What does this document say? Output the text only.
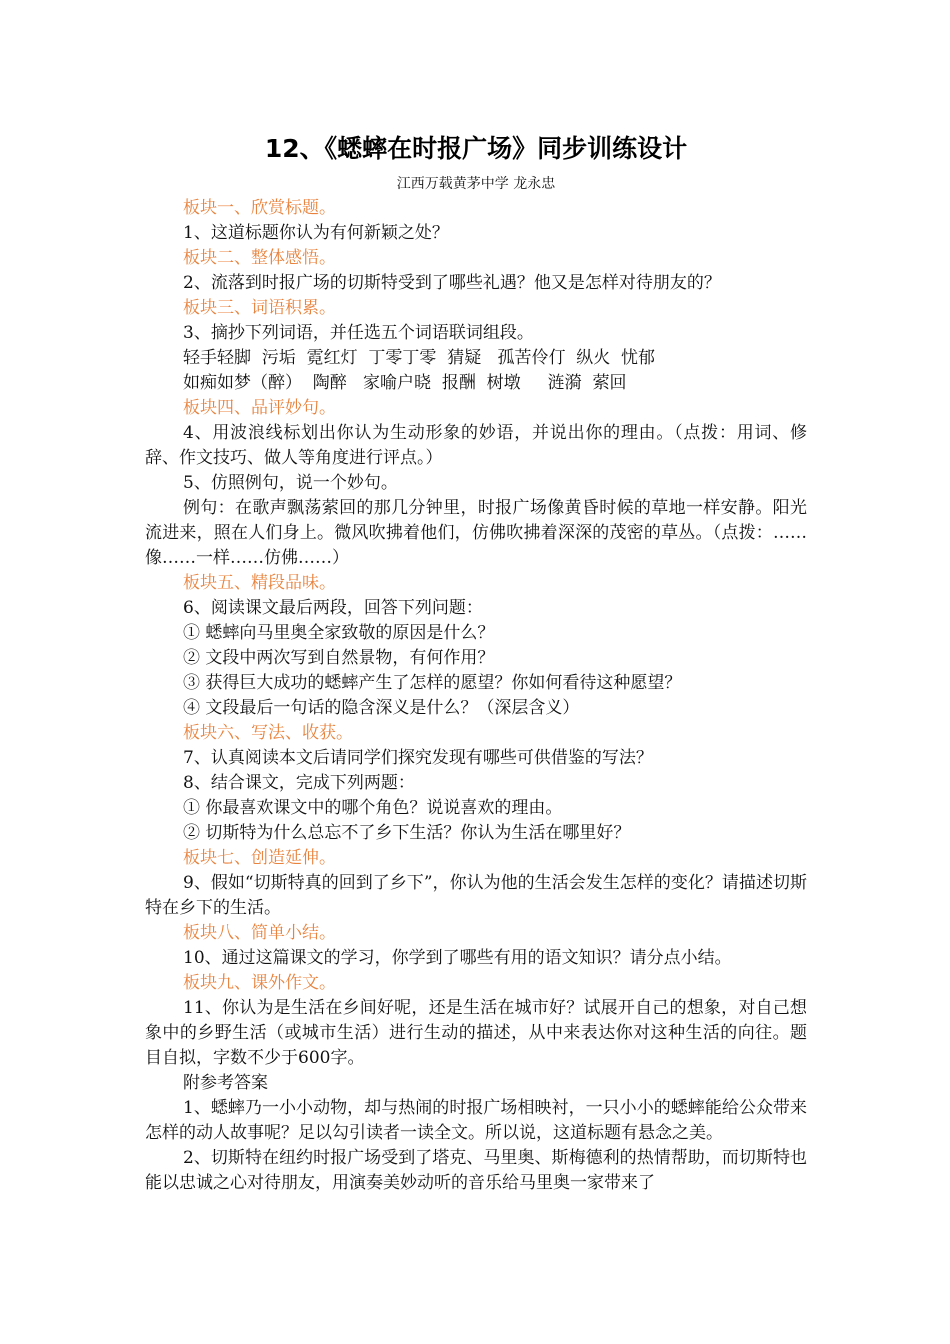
12、《蟋蟀在时报广场》同步训练设计
江西万载黄茅中学 龙永忠

板块一、欣赏标题。

1、这道标题你认为有何新颖之处？

板块二、整体感悟。

2、流落到时报广场的切斯特受到了哪些礼遇？他又是怎样对待朋友的？

板块三、词语积累。

3、摘抄下列词语，并任选五个词语联词组段。

轻手轻脚  污垢  霓红灯  丁零丁零  猜疑   孤苦伶仃  纵火  忧郁

如痴如梦（醉）  陶醉   家喻户晓  报酬  树墩     涟漪  萦回

板块四、品评妙句。

4、用波浪线标划出你认为生动形象的妙语，并说出你的理由。（点拨：用词、修辞、作文技巧、做人等角度进行评点。）

5、仿照例句，说一个妙句。

例句：在歌声飘荡萦回的那几分钟里，时报广场像黄昏时候的草地一样安静。阳光流进来，照在人们身上。微风吹拂着他们，仿佛吹拂着深深的茂密的草丛。（点拨：……像……一样……仿佛……）

板块五、精段品味。

6、阅读课文最后两段，回答下列问题：

① 蟋蟀向马里奥全家致敬的原因是什么？

② 文段中两次写到自然景物，有何作用？

③ 获得巨大成功的蟋蟀产生了怎样的愿望？你如何看待这种愿望？

④ 文段最后一句话的隐含深义是什么？（深层含义）

板块六、写法、收获。

7、认真阅读本文后请同学们探究发现有哪些可供借鉴的写法？

8、结合课文，完成下列两题：

① 你最喜欢课文中的哪个角色？说说喜欢的理由。

② 切斯特为什么总忘不了乡下生活？你认为生活在哪里好？

板块七、创造延伸。

9、假如“切斯特真的回到了乡下”，你认为他的生活会发生怎样的变化？请描述切斯特在乡下的生活。

板块八、简单小结。

10、通过这篇课文的学习，你学到了哪些有用的语文知识？请分点小结。

板块九、课外作文。

11、你认为是生活在乡间好呢，还是生活在城市好？试展开自己的想象，对自己想象中的乡野生活（或城市生活）进行生动的描述，从中来表达你对这种生活的向往。题目自拟，字数不少于600字。

附参考答案

1、蟋蟀乃一小小动物，却与热闹的时报广场相映衬，一只小小的蟋蟀能给公众带来怎样的动人故事呢？足以勾引读者一读全文。所以说，这道标题有悬念之美。

2、切斯特在纽约时报广场受到了塔克、马里奥、斯梅德利的热情帮助，而切斯特也能以忠诚之心对待朋友，用演奏美妙动听的音乐给马里奥一家带来了
